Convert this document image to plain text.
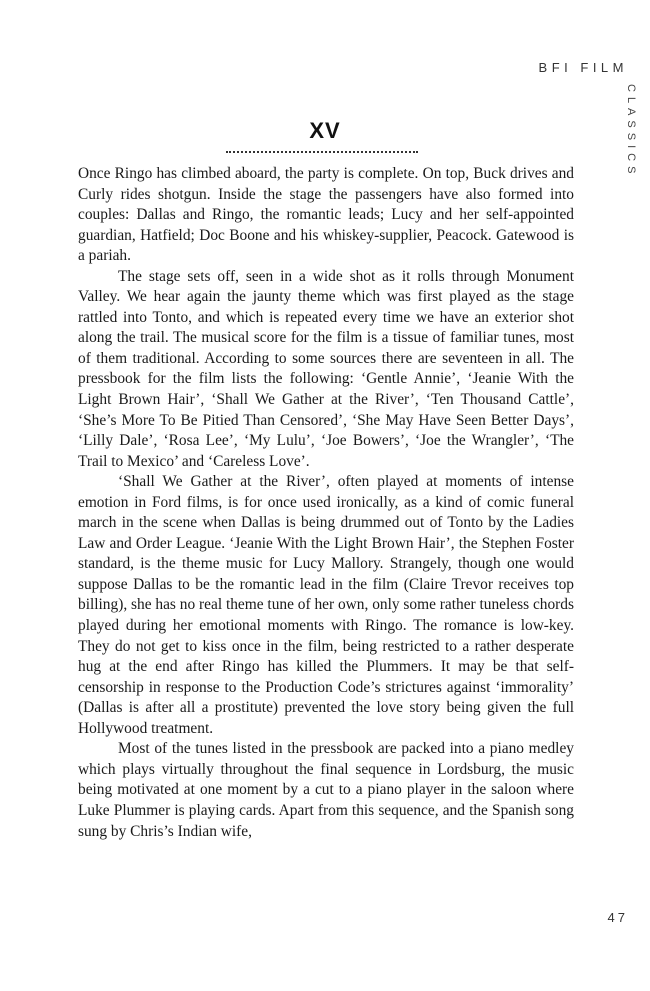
BFI FILM
CLASSICS
XV

Once Ringo has climbed aboard, the party is complete. On top, Buck drives and Curly rides shotgun. Inside the stage the passengers have also formed into couples: Dallas and Ringo, the romantic leads; Lucy and her self-appointed guardian, Hatfield; Doc Boone and his whiskey-supplier, Peacock. Gatewood is a pariah.

The stage sets off, seen in a wide shot as it rolls through Monument Valley. We hear again the jaunty theme which was first played as the stage rattled into Tonto, and which is repeated every time we have an exterior shot along the trail. The musical score for the film is a tissue of familiar tunes, most of them traditional. According to some sources there are seventeen in all. The pressbook for the film lists the following: ‘Gentle Annie’, ‘Jeanie With the Light Brown Hair’, ‘Shall We Gather at the River’, ‘Ten Thousand Cattle’, ‘She’s More To Be Pitied Than Censored’, ‘She May Have Seen Better Days’, ‘Lilly Dale’, ‘Rosa Lee’, ‘My Lulu’, ‘Joe Bowers’, ‘Joe the Wrangler’, ‘The Trail to Mexico’ and ‘Careless Love’.

‘Shall We Gather at the River’, often played at moments of intense emotion in Ford films, is for once used ironically, as a kind of comic funeral march in the scene when Dallas is being drummed out of Tonto by the Ladies Law and Order League. ‘Jeanie With the Light Brown Hair’, the Stephen Foster standard, is the theme music for Lucy Mallory. Strangely, though one would suppose Dallas to be the romantic lead in the film (Claire Trevor receives top billing), she has no real theme tune of her own, only some rather tuneless chords played during her emotional moments with Ringo. The romance is low-key. They do not get to kiss once in the film, being restricted to a rather desperate hug at the end after Ringo has killed the Plummers. It may be that self-censorship in response to the Production Code’s strictures against ‘immorality’ (Dallas is after all a prostitute) prevented the love story being given the full Hollywood treatment.

Most of the tunes listed in the pressbook are packed into a piano medley which plays virtually throughout the final sequence in Lordsburg, the music being motivated at one moment by a cut to a piano player in the saloon where Luke Plummer is playing cards. Apart from this sequence, and the Spanish song sung by Chris’s Indian wife,

47
